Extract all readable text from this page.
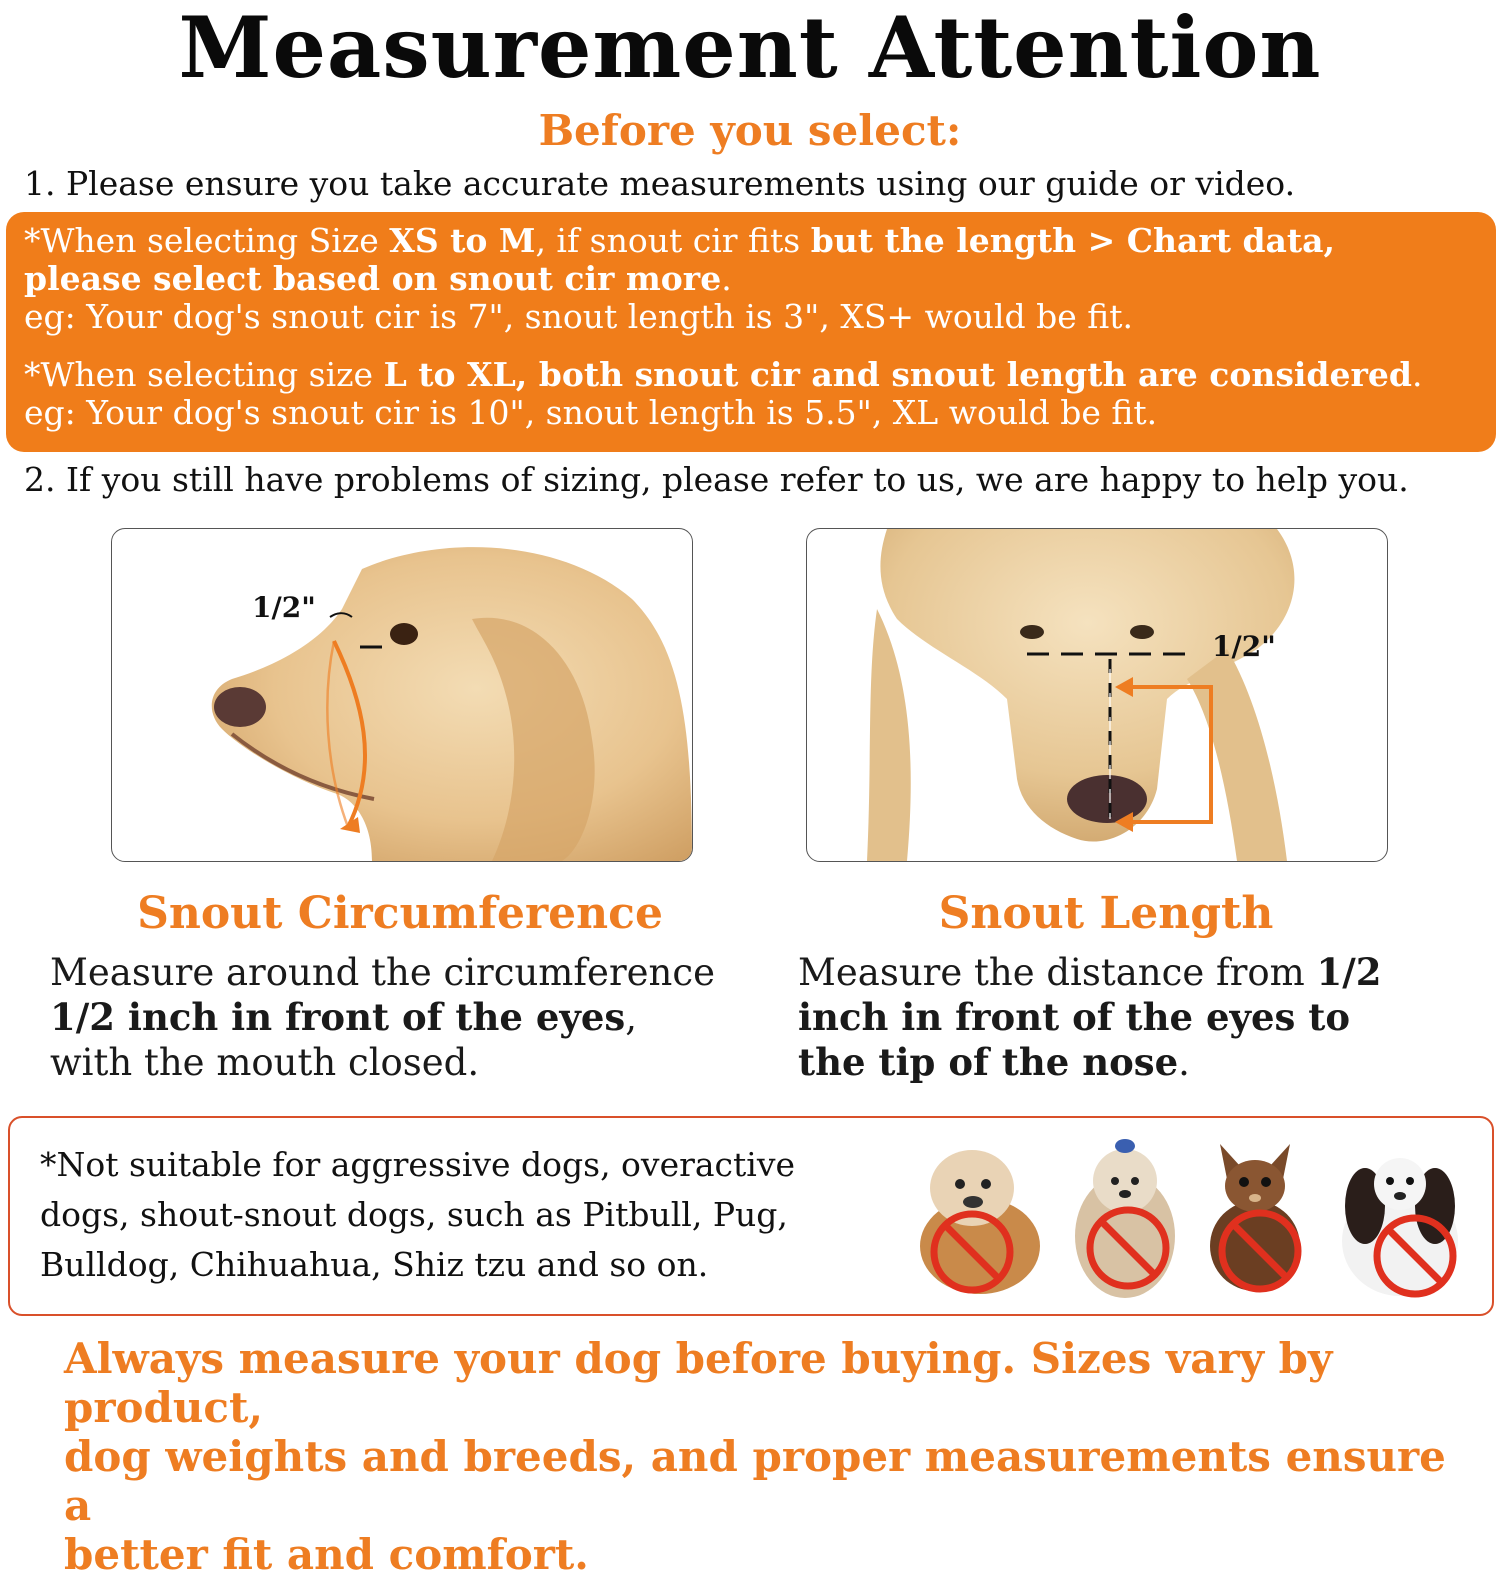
Measurement Attention
Before you select:
1. Please ensure you take accurate measurements using our guide or video.
*When selecting Size XS to M, if snout cir fits but the length > Chart data,
please select based on snout cir more.
eg: Your dog's snout cir is 7", snout length is 3", XS+ would be fit.
*When selecting size L to XL, both snout cir and snout length are considered.
eg: Your dog's snout cir is 10", snout length is 5.5", XL would be fit.
2. If you still have problems of sizing, please refer to us, we are happy to help you.
1/2"
1/2"
Snout Circumference
Measure around the circumference
1/2 inch in front of the eyes,
with the mouth closed.
Snout Length
Measure the distance from 1/2
inch in front of the eyes to
the tip of the nose.
*Not suitable for aggressive dogs, overactive
dogs, shout-snout dogs, such as Pitbull, Pug,
Bulldog, Chihuahua, Shiz tzu and so on.
Always measure your dog before buying. Sizes vary by product,
dog weights and breeds, and proper measurements ensure a
better fit and comfort.
